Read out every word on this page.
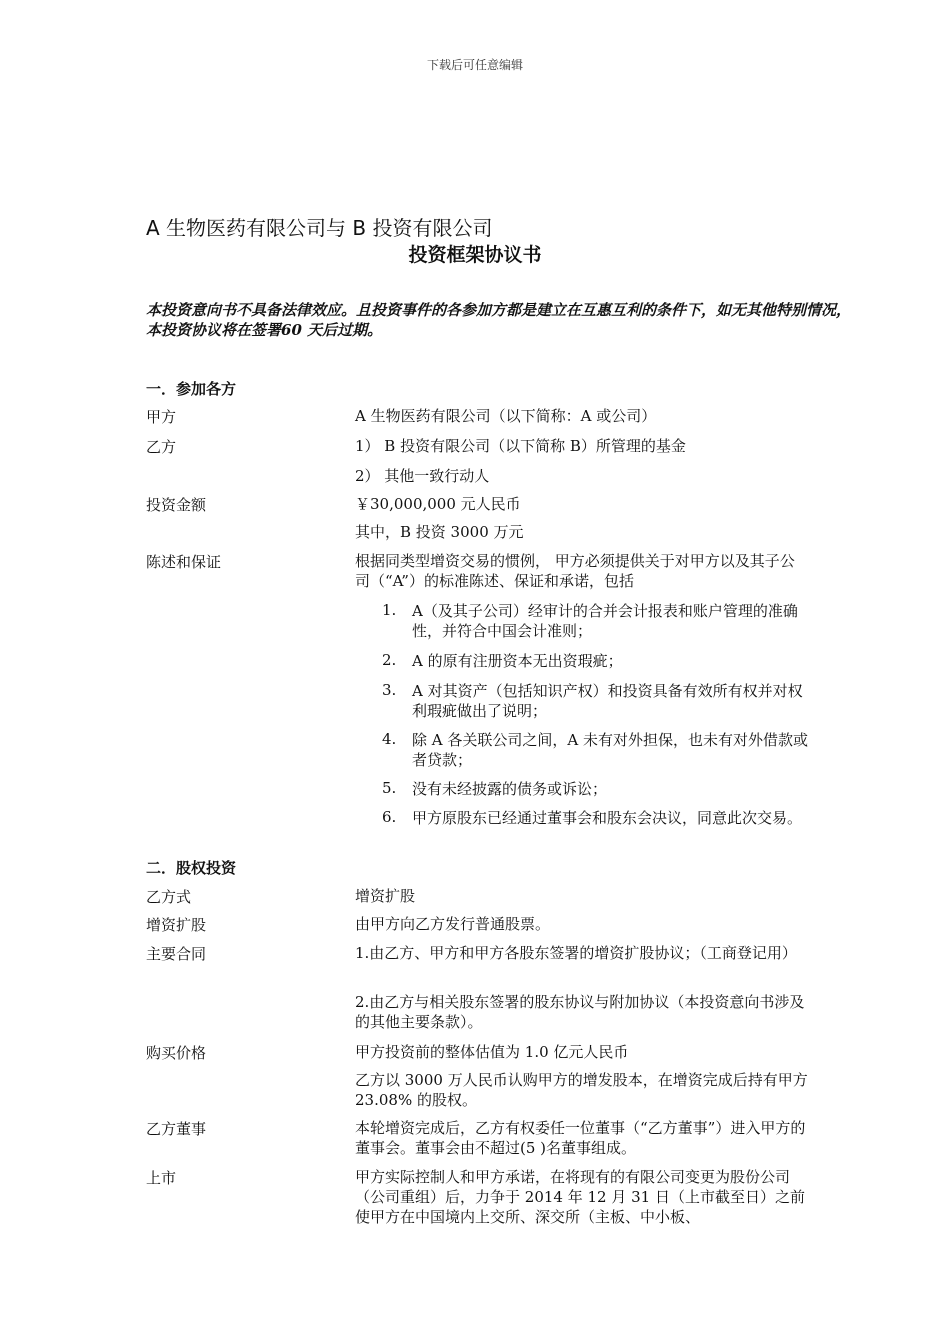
下载后可任意编辑
A 生物医药有限公司与 B 投资有限公司
投资框架协议书
本投资意向书不具备法律效应。且投资事件的各参加方都是建立在互惠互利的条件下，如无其他特别情况，本投资协议将在签署60 天后过期。
一．参加各方
甲方	A 生物医药有限公司（以下简称：A 或公司）
乙方	1） B 投资有限公司（以下简称 B）所管理的基金
2） 其他一致行动人
投资金额	￥30,000,000 元人民币
其中，B 投资 3000 万元
陈述和保证	根据同类型增资交易的惯例， 甲方必须提供关于对甲方以及其子公司（“A”）的标准陈述、保证和承诺，包括
1. A（及其子公司）经审计的合并会计报表和账户管理的准确性，并符合中国会计准则；
2. A 的原有注册资本无出资瑕疵；
3. A 对其资产（包括知识产权）和投资具备有效所有权并对权利瑕疵做出了说明；
4. 除 A 各关联公司之间，A 未有对外担保，也未有对外借款或者贷款；
5. 没有未经披露的债务或诉讼；
6. 甲方原股东已经通过董事会和股东会决议，同意此次交易。
二．股权投资
乙方式	增资扩股
增资扩股	由甲方向乙方发行普通股票。
主要合同	1.由乙方、甲方和甲方各股东签署的增资扩股协议；（工商登记用）
2.由乙方与相关股东签署的股东协议与附加协议（本投资意向书涉及的其他主要条款）。
购买价格	甲方投资前的整体估值为 1.0 亿元人民币
乙方以 3000 万人民币认购甲方的增发股本，在增资完成后持有甲方 23.08% 的股权。
乙方董事	本轮增资完成后，乙方有权委任一位董事（“乙方董事”）进入甲方的董事会。董事会由不超过(5 )名董事组成。
上市	甲方实际控制人和甲方承诺，在将现有的有限公司变更为股份公司（公司重组）后，力争于 2014 年 12 月 31 日（上市截至日）之前使甲方在中国境内上交所、深交所（主板、中小板、
